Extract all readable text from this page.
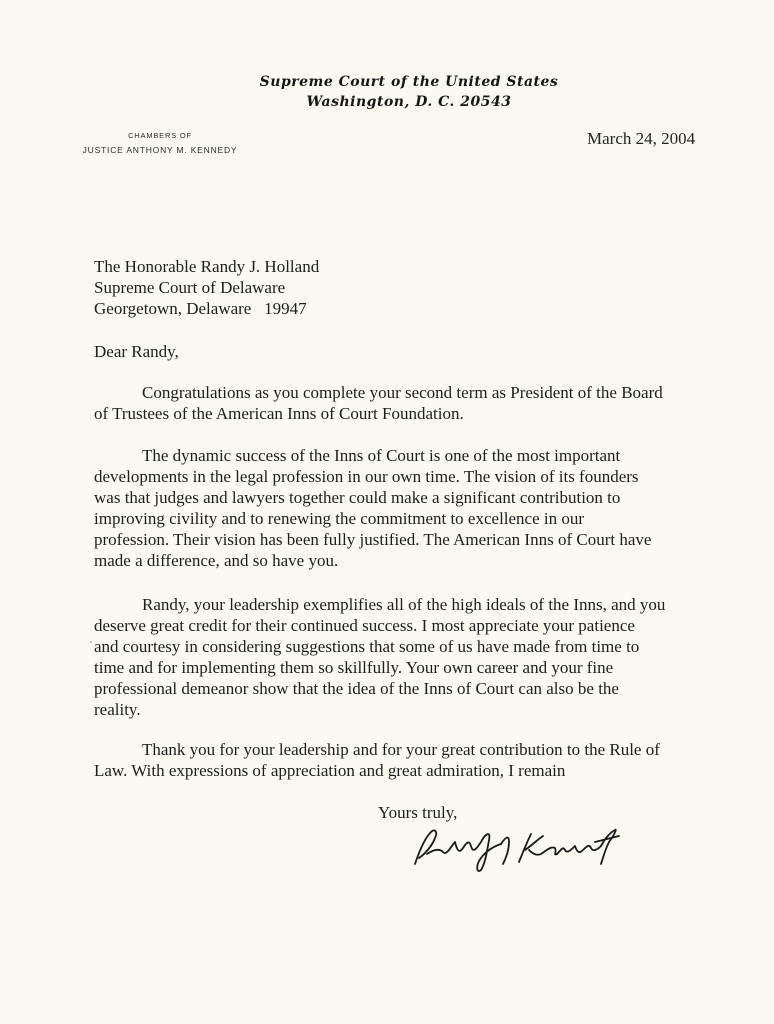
Supreme Court of the United States
Washington, D. C. 20543
CHAMBERS OF
JUSTICE ANTHONY M. KENNEDY
March 24, 2004
The Honorable Randy J. Holland
Supreme Court of Delaware
Georgetown, Delaware   19947
Dear Randy,
Congratulations as you complete your second term as President of the Board
of Trustees of the American Inns of Court Foundation.
The dynamic success of the Inns of Court is one of the most important
developments in the legal profession in our own time. The vision of its founders
was that judges and lawyers together could make a significant contribution to
improving civility and to renewing the commitment to excellence in our
profession. Their vision has been fully justified. The American Inns of Court have
made a difference, and so have you.
Randy, your leadership exemplifies all of the high ideals of the Inns, and you
deserve great credit for their continued success. I most appreciate your patience
and courtesy in considering suggestions that some of us have made from time to
time and for implementing them so skillfully. Your own career and your fine
professional demeanor show that the idea of the Inns of Court can also be the
reality.
Thank you for your leadership and for your great contribution to the Rule of
Law. With expressions of appreciation and great admiration, I remain
Yours truly,
